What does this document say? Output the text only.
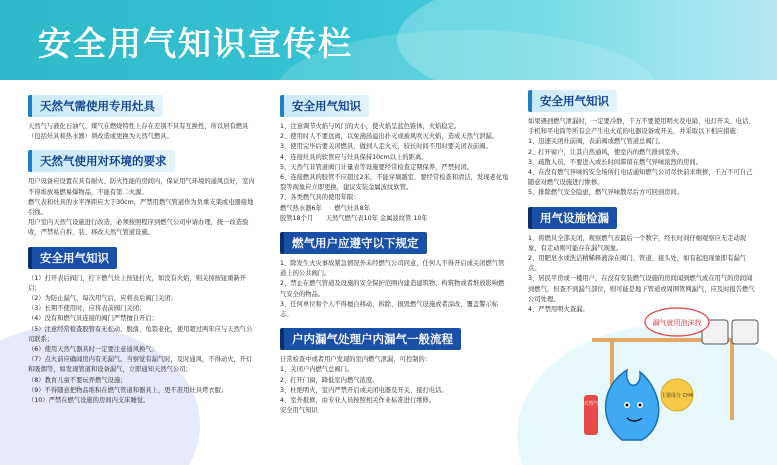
安全用气知识宣传栏
天然气需使用专用灶具
天然气与液化石油气、煤气在燃烧特性上存在差别不具有互换性，所以居有燃具（包括灶具和热水器）须改造或更换为天然气燃具。
天然气使用对环境的要求
用户设备应设置在具有耐火、防火性能的房间内，保证用气环境的通风良好，室内不得堆放易燃易爆物品，不能有第二火源。
燃气表和灶具的水平净距应大于30cm，严禁用燃气管道作为负重支架或电器接地引线。
用户室内天然气设施进行改造，必须按照程序到燃气公司申请办理，统一改造验收，严禁私自拆、装、移改天然气管道设施。
安全用气知识
（1）打开表后阀门，拧下燃气灶上按钮打火，如没有火焰，则关掉按钮重新开启；
（2）为防止漏气，每次用气后，应将表后阀门关闭；
（3）长期不使用时，应将表前阀门关闭；
（4）没有和燃气具连接的阀门严禁擅自开启；
（5）注意经常检查胶管有无松动、脱落、龟裂老化，使用超过两年应与天然气公司联系；
（6）使用天然气器具时一定要注意通风换气；
（7）点火前应确闻房内有无漏气。当察觉有漏气时，及时通风，不得动火，开灯和吸烟等，如发现管道和设备漏气，立即通知天然气公司；
（8）教育儿童不要玩弄燃气设施；
（9）不得随意把物品堆积在燃气管道和器具上，更不准用灶具烤衣服；
（10）严禁在燃气设施的房间内支床睡觉。
安全用气知识
1、注意调节火焰与风门的大小，使火焰呈蓝色锥体，火焰稳定。
2、使用时人不要远离，以免沸汤溢出扑灭或被风吹灭火焰，造成天然气泄漏。
3、使用完毕后要关闭燃具，做到人走火灭，较长时间不用时要关闭表前阀。
4、连接灶具的软管应与灶具保持10cm以上的距离。
5、天然气非管道阀门计量表等设施要经常检查定期保养，严禁封闭。
6、连接燃具的胶管不应超过2米，不能穿墙越室，要经常检查和清洁，发现老化龟裂等现象应立即更换，建议安装金属波纹软管。
7、各类燃气具的使用年限：
燃气热水器6年　　燃气灶具8年
胶管18个月　　天然气燃气表10年 金属波纹管 10年
燃气用户应遵守以下规定
1、除发生火灾事故紧急情况外未经燃气公司同意，任何人不得开启或关闭燃气管道上的公共阀门。
2、禁止在燃气管道及设施的安全保护范围内建造建筑物、构筑物或者堆放影响燃气安全的物品。
3、任何单位和个人不得擅自移动、拆除、损毁燃气设施或者涂改、覆盖警示标志。
户内漏气处理户内漏气一般流程
日常检查中或者用户发现的室内燃气泄漏，可控制的：
1、关闭户内燃气总阀门。
2、打开门窗，降低室内燃气浓度。
3、杜绝明火，室内严禁开启或关闭电器及开关、接打电话。
4、室外报修，由专业人员按照相关作业标准进行维修。
安全用气知识
安全用气知识
如果遇到燃气泄漏时，一定要冷静，千万不要使用明火及电扇、电灯开关、电话、手机和平电筒等所有会产生电火花的电器设备或开关，并采取以下相应措施：
1、迅速关闭灶前阀，表前阀或燃气管道总阀门。
2、打开窗户，让其自然通风，使室内的燃气排到室外。
3、疏散人员，不要进入或长时间滞留在燃气异味浓烈的房间。
4、在没有燃气异味的安全场所打电话通知燃气公司尽快前来维修，千万不可自己随意对燃气设施进行维修。
5、排除燃气安全隐患，燃气异味散尽后方可回到房间。
用气设施检漏
1、将燃具全部关闭，观察燃气表最后一个数字，经长时间仔细观察应无走动现象，有走动则可能存在漏气现象。
2、用肥皂水或洗洁精稀释液涂在阀门、管道、接头处，如有起泡现象即有漏气点。
3、居民平房或一楼用户，在没有安装燃气设施的房间闻到燃气或在用气的房间闻到燃气，但查不到漏气部位，则可能是地下管道或周围管网漏气，应及时报告燃气公司处理。
4、严禁用明火查漏。
漏气就用泡沫找
天然气
主要成分 CH4
